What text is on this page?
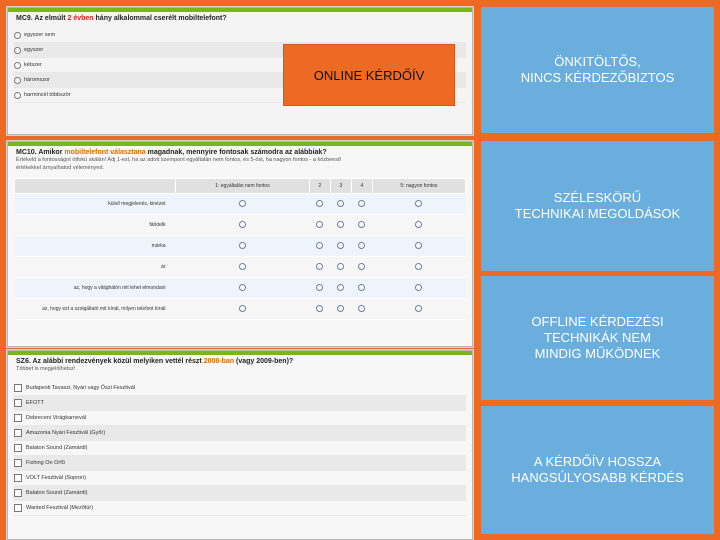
MC9. Az elmúlt 2 évben hány alkalommal cserélt mobiltelefont?
egyszer sem
egyszer
kétszer
háromszor
harmincél többször
ONLINE KÉRDŐÍV
MC10. Amikor mobiltelefont választana magadnak, mennyire fontosak számodra az alábbiak?
Értékeld a fontosságot ötfokú skálán! Adj 1-est, ha az adott szempont egyáltalán nem fontos, és 5-öst, ha nagyon fontos - a közbeeső
értékekkel árnyalhatod véleményed.
	1: egyáltalán nem fontos	2	3	4	5: nagyon fontos
külső megjelenés, kinézet					
fárktelk					
márka					
ár					
az, hogy a világhálón mit lehet elmondani					
az, hogy ezt a szolgáltató mit kínál, milyen telefont kínál					
SZ6. Az alábbi rendezvények közül melyiken vettél részt 2008-ban (vagy 2009-ben)?
Többet is megjelölhetsz!
Budapesti Tavaszi, Nyári vagy Őszi Fesztivál
EFOTT
Debreceni Virágkarnevál
Amazonia Nyári Fesztivál (Győr)
Balaton Sound (Zamárdi)
Fishing On Orfű
VOLT Fesztivál (Sopron)
Balaton Sound (Zamárdi)
Wanted Fesztivál (Mezőtúr)
ÖNKITÖLTŐS,
NINCS KÉRDEZŐBIZTOS
SZÉLESKÖRŰ
TECHNIKAI MEGOLDÁSOK
OFFLINE KÉRDEZÉSI
TECHNIKÁK NEM
MINDIG MŰKÖDNEK
A KÉRDŐÍV HOSSZA
HANGSÚLYOSABB KÉRDÉS
